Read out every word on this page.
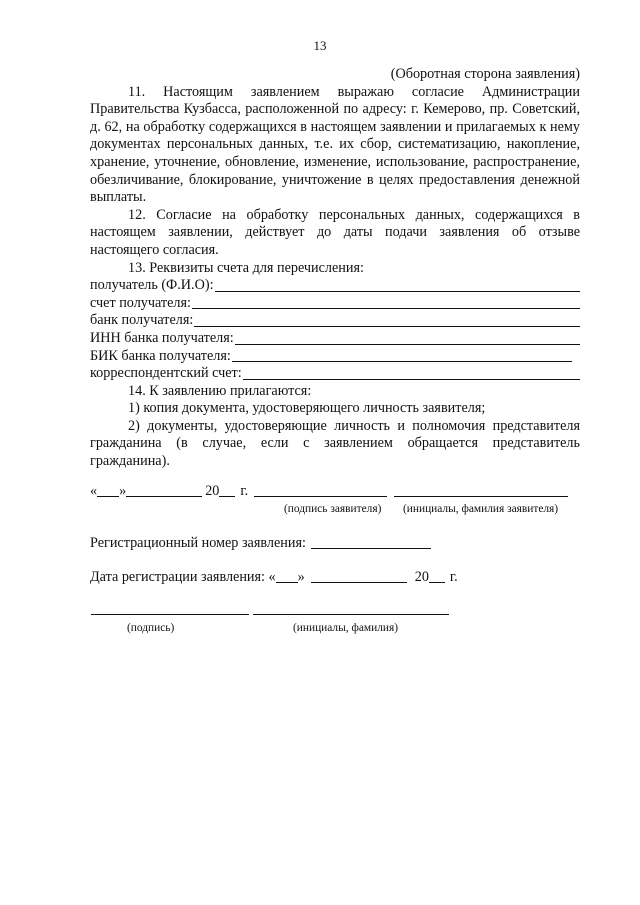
13
(Оборотная сторона заявления)

11. Настоящим заявлением выражаю согласие Администрации Правительства Кузбасса, расположенной по адресу: г. Кемерово, пр. Советский, д. 62, на обработку содержащихся в настоящем заявлении и прилагаемых к нему документах персональных данных, т.е. их сбор, систематизацию, накопление, хранение, уточнение, обновление, изменение, использование, распространение, обезличивание, блокирование, уничтожение в целях предоставления денежной выплаты.

12. Согласие на обработку персональных данных, содержащихся в настоящем заявлении, действует до даты подачи заявления об отзыве настоящего согласия.

13. Реквизиты счета для перечисления:

получатель (Ф.И.О):
счет получателя:
банк получателя:
ИНН банка получателя:
БИК банка получателя:
корреспондентский счет:

14. К заявлению прилагаются:

1) копия документа, удостоверяющего личность заявителя;

2) документы, удостоверяющие личность и полномочия представителя гражданина (в случае, если с заявлением обращается представитель гражданина).

« »	20 г.
(подпись заявителя) (инициалы, фамилия заявителя)
Регистрационный номер заявления:
Дата регистрации заявления: « »	20 г.
(подпись)	(инициалы, фамилия)
